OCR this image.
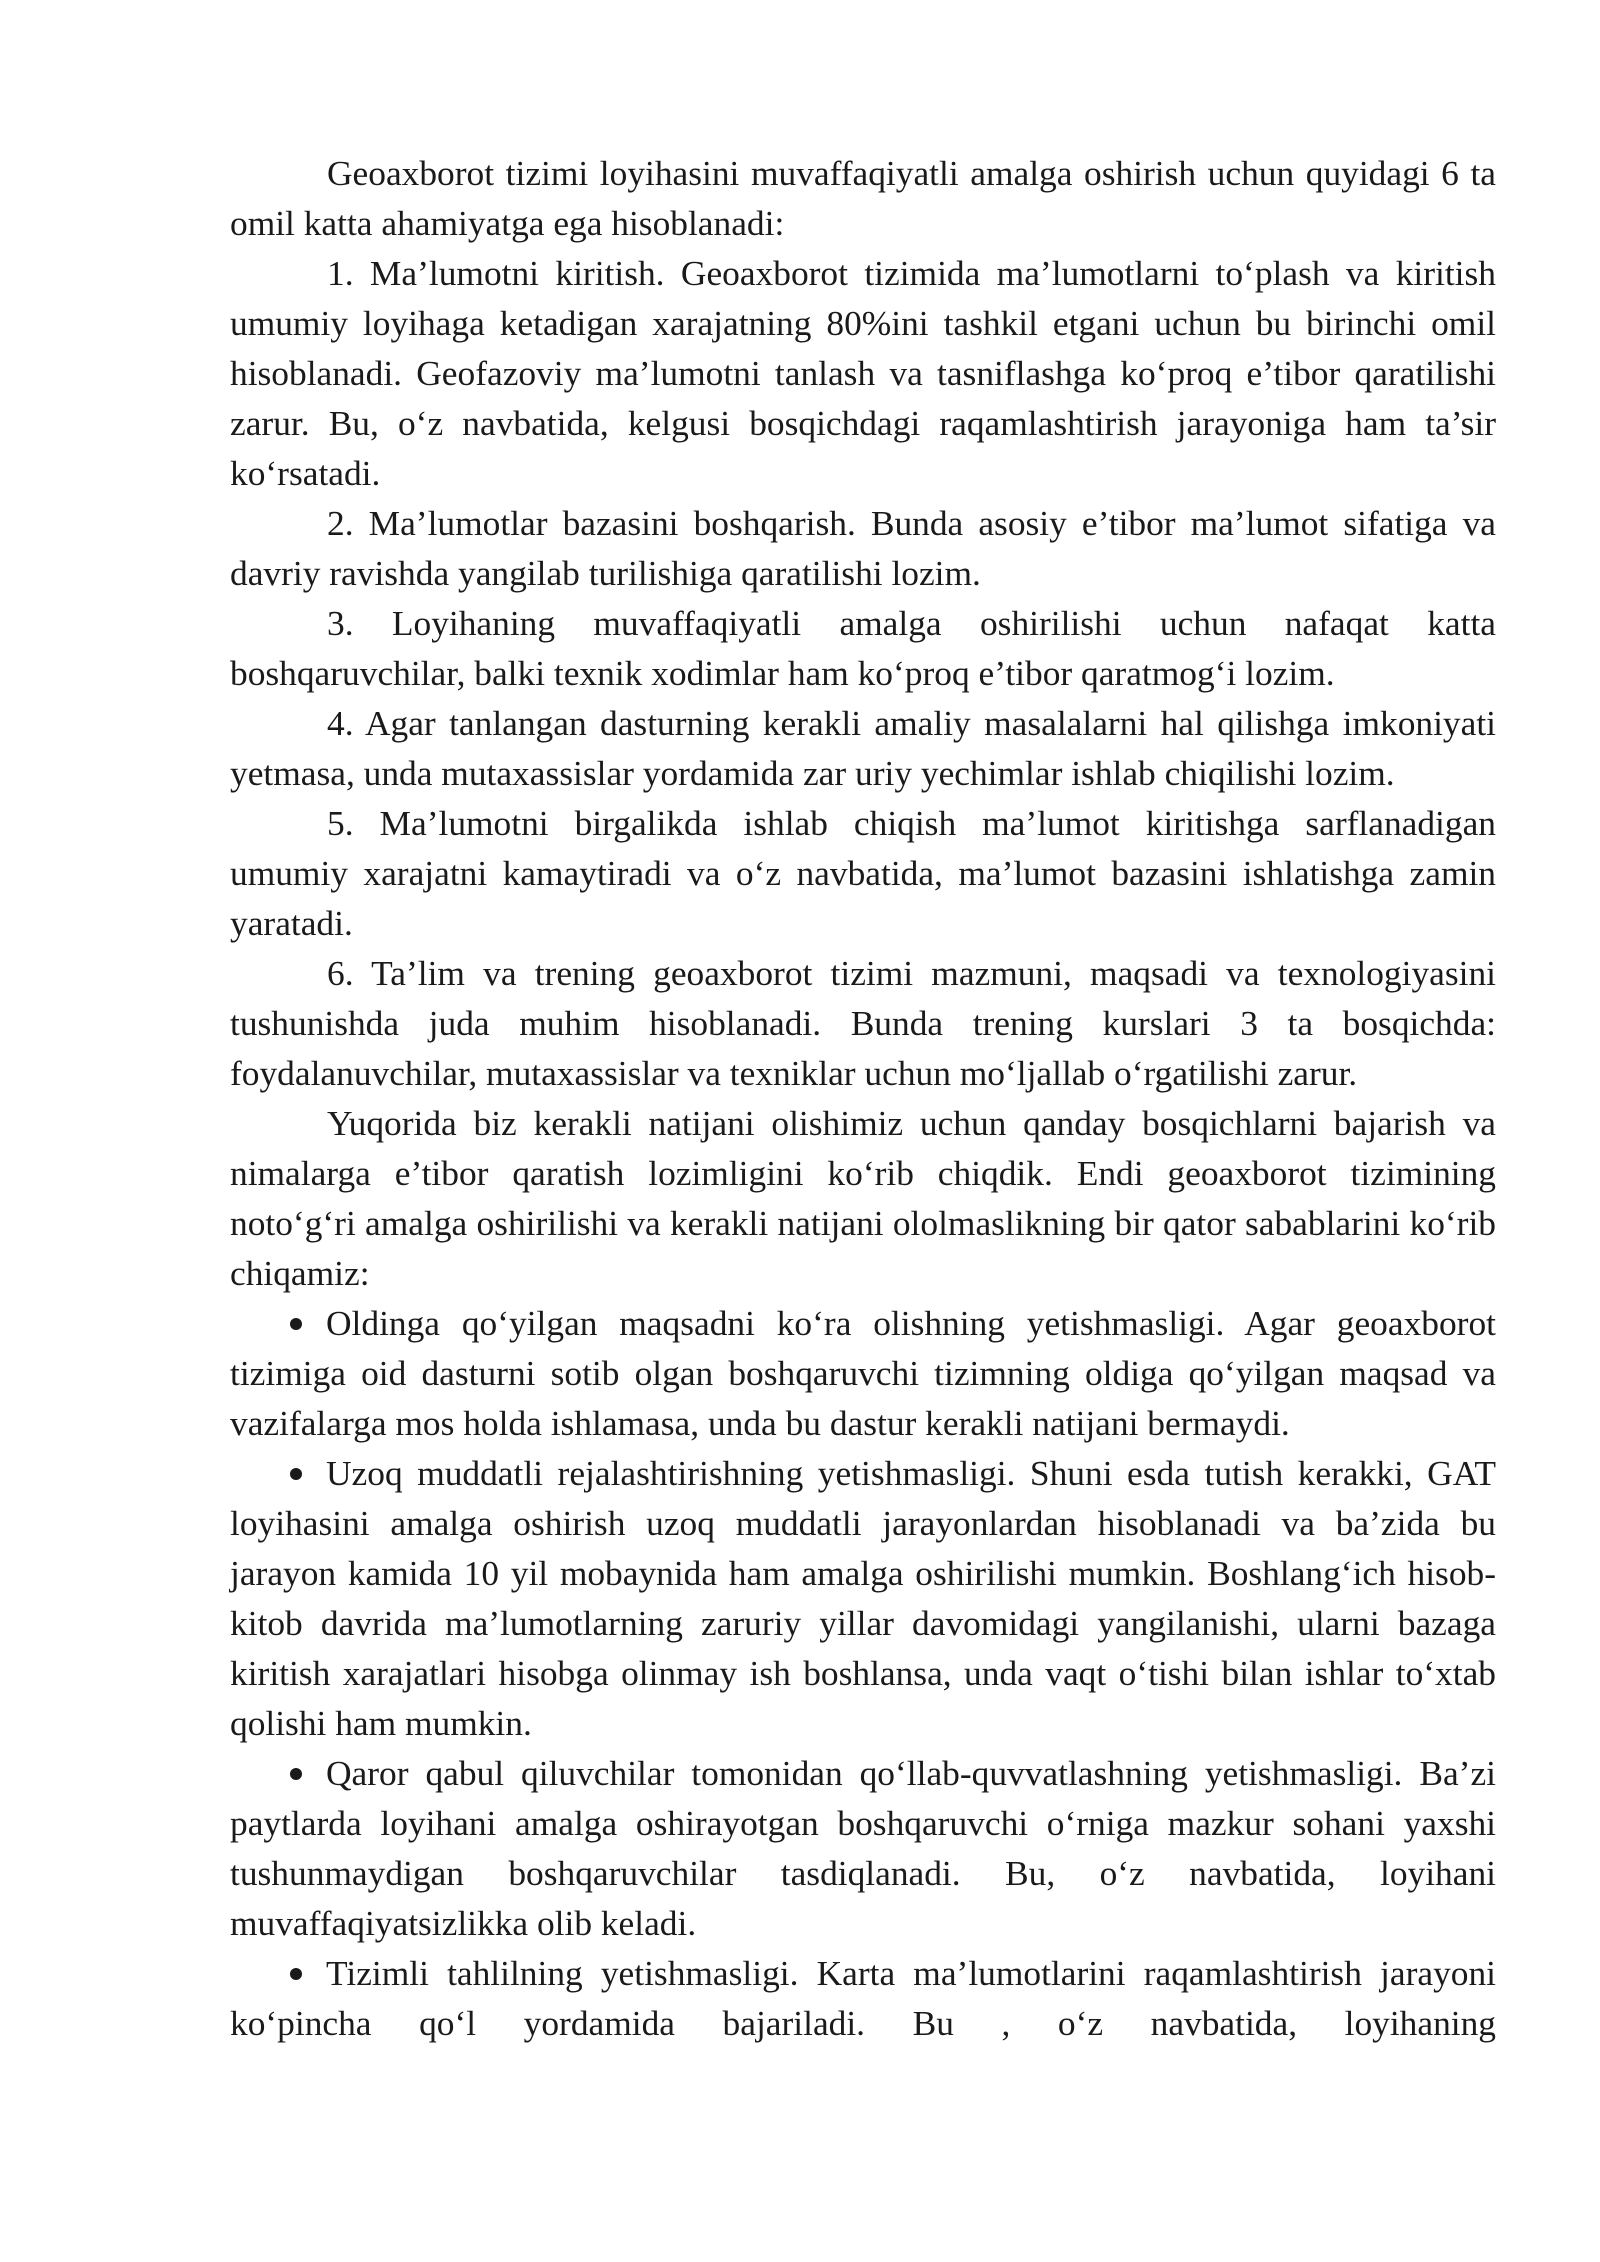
Geoaxborot tizimi loyihasini muvaffaqiyatli amalga oshirish uchun quyidagi 6 ta omil katta ahamiyatga ega hisoblanadi:

1. Ma’lumotni kiritish. Geoaxborot tizimida ma’lumotlarni to‘plash va kiritish umumiy loyihaga ketadigan xarajatning 80%ini tashkil etgani uchun bu birinchi omil hisoblanadi. Geofazoviy ma’lumotni tanlash va tasniflashga ko‘proq e’tibor qaratilishi zarur. Bu, o‘z navbatida, kelgusi bosqichdagi raqamlashtirish jarayoniga ham ta’sir ko‘rsatadi.

2. Ma’lumotlar bazasini boshqarish. Bunda asosiy e’tibor ma’lumot sifatiga va davriy ravishda yangilab turilishiga qaratilishi lozim.

3. Loyihaning muvaffaqiyatli amalga oshirilishi uchun nafaqat katta boshqaruvchilar, balki texnik xodimlar ham ko‘proq e’tibor qaratmog‘i lozim.

4. Agar tanlangan dasturning kerakli amaliy masalalarni hal qilishga imkoniyati yetmasa, unda mutaxassislar yordamida zar uriy yechimlar ishlab chiqilishi lozim.

5. Ma’lumotni birgalikda ishlab chiqish ma’lumot kiritishga sarflanadigan umumiy xarajatni kamaytiradi va o‘z navbatida, ma’lumot bazasini ishlatishga zamin yaratadi.

6. Ta’lim va trening geoaxborot tizimi mazmuni, maqsadi va texnologiyasini tushunishda juda muhim hisoblanadi. Bunda trening kurslari 3 ta bosqichda: foydalanuvchilar, mutaxassislar va texniklar uchun mo‘ljallab o‘rgatilishi zarur.

Yuqorida biz kerakli natijani olishimiz uchun qanday bosqichlarni bajarish va nimalarga e’tibor qaratish lozimligini ko‘rib chiqdik. Endi geoaxborot tizimining noto‘g‘ri amalga oshirilishi va kerakli natijani ololmaslikning bir qator sabablarini ko‘rib chiqamiz:

Oldinga qo‘yilgan maqsadni ko‘ra olishning yetishmasligi. Agar geoaxborot tizimiga oid dasturni sotib olgan boshqaruvchi tizimning oldiga qo‘yilgan maqsad va vazifalarga mos holda ishlamasa, unda bu dastur kerakli natijani bermaydi.

Uzoq muddatli rejalashtirishning yetishmasligi. Shuni esda tutish kerakki, GAT loyihasini amalga oshirish uzoq muddatli jarayonlardan hisoblanadi va ba’zida bu jarayon kamida 10 yil mobaynida ham amalga oshirilishi mumkin. Boshlang‘ich hisob-kitob davrida ma’lumotlarning zaruriy yillar davomidagi yangilanishi, ularni bazaga kiritish xarajatlari hisobga olinmay ish boshlansa, unda vaqt o‘tishi bilan ishlar to‘xtab qolishi ham mumkin.

Qaror qabul qiluvchilar tomonidan qo‘llab-quvvatlashning yetishmasligi. Ba’zi paytlarda loyihani amalga oshirayotgan boshqaruvchi o‘rniga mazkur sohani yaxshi tushunmaydigan boshqaruvchilar tasdiqlanadi. Bu, o‘z navbatida, loyihani muvaffaqiyatsizlikka olib keladi.

Tizimli tahlilning yetishmasligi. Karta ma’lumotlarini raqamlashtirish jarayoni ko‘pincha qo‘l yordamida bajariladi. Bu , o‘z navbatida, loyihaning
